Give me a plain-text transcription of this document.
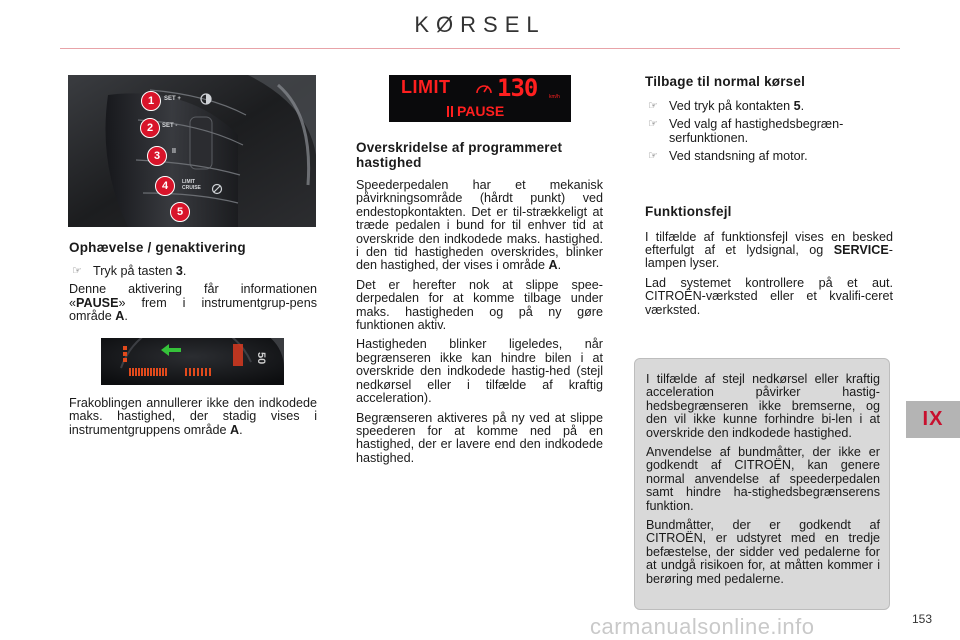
KØRSEL
SET +
SET -
II
LIMIT CRUISE
1
2
3
4
5
LIMIT 130 km/h
PAUSE
50
Ophævelse / genaktivering
☞ Tryk på tasten 3.

Denne aktivering får informationen «PAUSE» frem i instrumentgrup-pens område A.

Frakoblingen annullerer ikke den indkodede maks. hastighed, der stadig vises i instrumentgruppens område A.

Overskridelse af programmeret hastighed

Speederpedalen har et mekanisk påvirkningsområde (hårdt punkt) ved endestopkontakten. Det er til-strækkeligt at træde pedalen i bund for til enhver tid at overskride den indkodede maks. hastighed. i den tid hastigheden overskrides, blinker den hastighed, der vises i område A.

Det er herefter nok at slippe spee-derpedalen for at komme tilbage under maks. hastigheden og på ny gøre funktionen aktiv.

Hastigheden blinker ligeledes, når begrænseren ikke kan hindre bilen i at overskride den indkodede hastig-hed (stejl nedkørsel eller i tilfælde af kraftig acceleration).

Begrænseren aktiveres på ny ved at slippe speederen for at komme ned på en hastighed, der er lavere end den indkodede hastighed.

Tilbage til normal kørsel
☞ Ved tryk på kontakten 5.
☞ Ved valg af hastighedsbegræn-serfunktionen.
☞ Ved standsning af motor.
Funktionsfejl

I tilfælde af funktionsfejl vises en besked efterfulgt af et lydsignal, og SERVICE-lampen lyser.

Lad systemet kontrollere på et aut. CITROËN-værksted eller et kvalifi-ceret værksted.

I tilfælde af stejl nedkørsel eller kraftig acceleration påvirker hastig-hedsbegrænseren ikke bremserne, og den vil ikke kunne forhindre bi-len i at overskride den indkodede hastighed.

Anvendelse af bundmåtter, der ikke er godkendt af CITROËN, kan genere normal anvendelse af speederpedalen samt hindre ha-stighedsbegrænserens funktion.

Bundmåtter, der er godkendt af CITROËN, er udstyret med en tredje befæstelse, der sidder ved pedalerne for at undgå risikoen for, at måtten kommer i berøring med pedalerne.

IX
carmanualsonline.info	153
